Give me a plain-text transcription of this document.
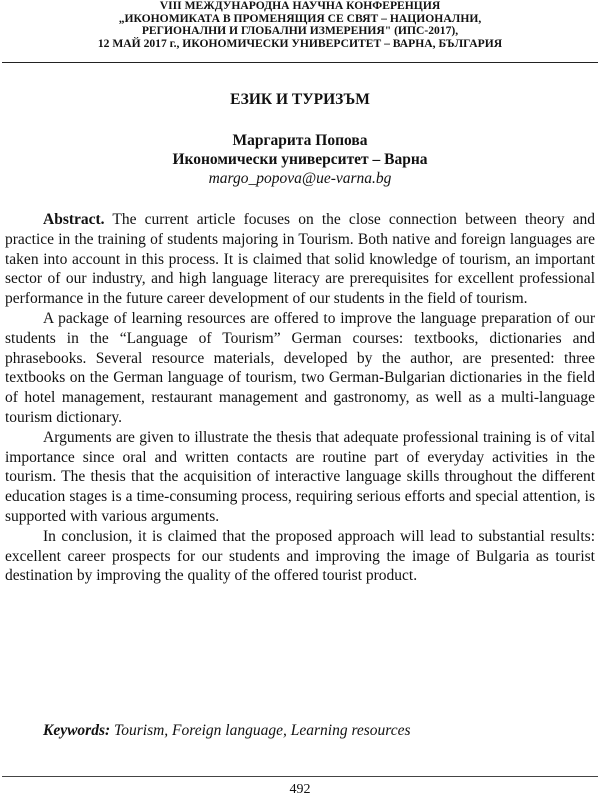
VIII МЕЖДУНАРОДНА НАУЧНА КОНФЕРЕНЦИЯ
„ИКОНОМИКАТА В ПРОМЕНЯЩИЯ СЕ СВЯТ – НАЦИОНАЛНИ,
РЕГИОНАЛНИ И ГЛОБАЛНИ ИЗМЕРЕНИЯ" (ИПС-2017),
12 МАЙ 2017 г., ИКОНОМИЧЕСКИ УНИВЕРСИТЕТ – ВАРНА, БЪЛГАРИЯ
ЕЗИК И ТУРИЗЪМ
Маргарита Попова
Икономически университет – Варна
margo_popova@ue-varna.bg

Abstract. The current article focuses on the close connection between theory and practice in the training of students majoring in Tourism. Both native and foreign languages are taken into account in this process. It is claimed that solid knowledge of tourism, an important sector of our industry, and high language literacy are prerequisites for excellent professional performance in the future career development of our students in the field of tourism.

A package of learning resources are offered to improve the language preparation of our students in the “Language of Tourism” German courses: textbooks, dictionaries and phrasebooks. Several resource materials, developed by the author, are presented: three textbooks on the German language of tourism, two German-Bulgarian dictionaries in the field of hotel management, restaurant management and gastronomy, as well as a multi-language tourism dictionary.

Arguments are given to illustrate the thesis that adequate professional training is of vital importance since oral and written contacts are routine part of everyday activities in the tourism. The thesis that the acquisition of interactive language skills throughout the different education stages is a time-consuming process, requiring serious efforts and special attention, is supported with various arguments.

In conclusion, it is claimed that the proposed approach will lead to substantial results: excellent career prospects for our students and improving the image of Bulgaria as tourist destination by improving the quality of the offered tourist product.

Keywords: Tourism, Foreign language, Learning resources
492
